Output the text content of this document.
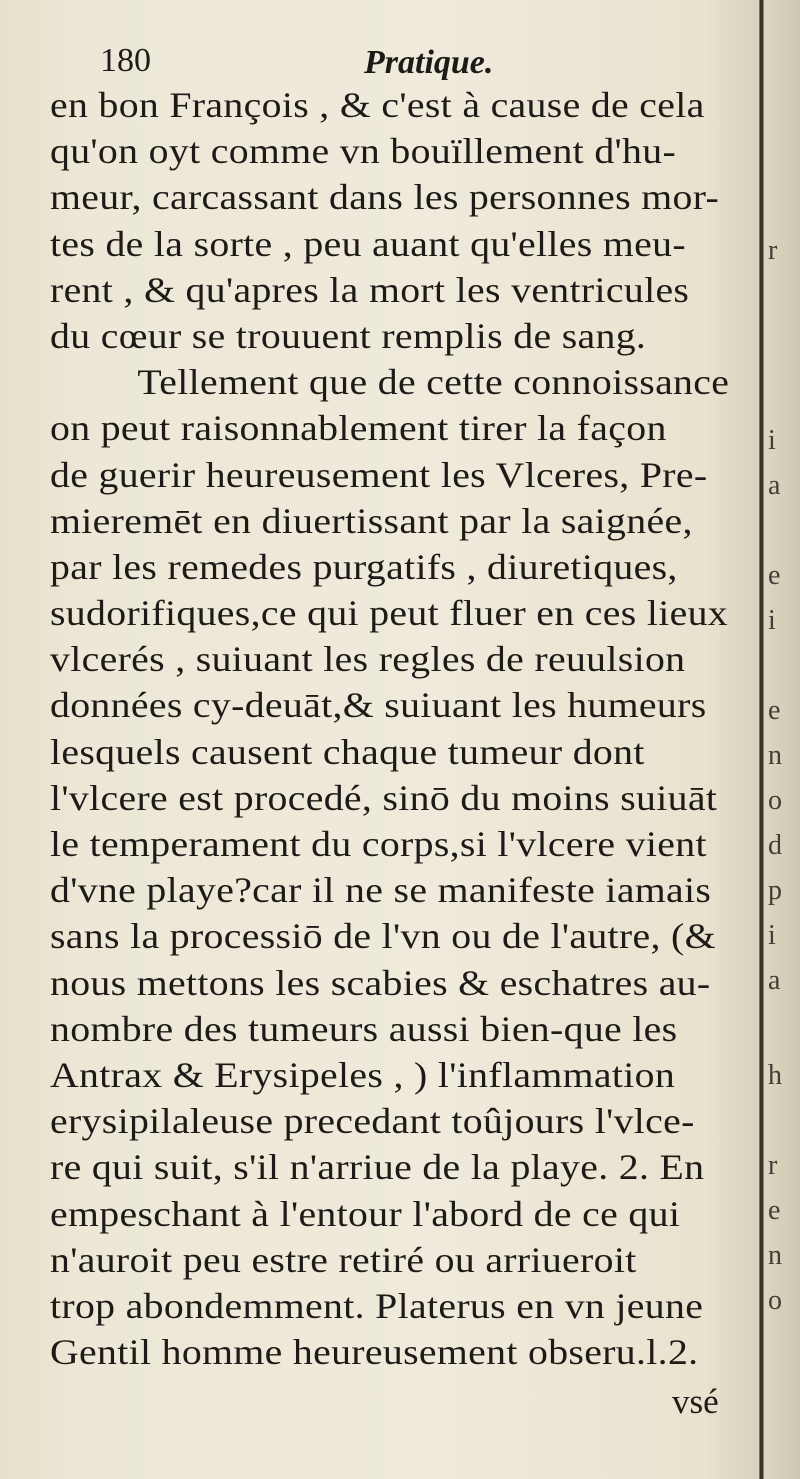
180	Pratique.
en bon François , & c'est à cause de cela
qu'on oyt comme vn bouïllement d'hu-
meur, carcassant dans les personnes mor-
tes de la sorte , peu auant qu'elles meu-
rent , & qu'apres la mort les ventricules
du cœur se trouuent remplis de sang.
Tellement que de cette connoissance
on peut raisonnablement tirer la façon
de guerir heureusement les Vlceres, Pre-
mieremēt en diuertissant par la saignée,
par les remedes purgatifs , diuretiques,
sudorifiques,ce qui peut fluer en ces lieux
vlcerés , suiuant les regles de reuulsion
données cy-deuāt,& suiuant les humeurs
lesquels causent chaque tumeur dont
l'vlcere est procedé, sinō du moins suiuāt
le temperament du corps,si l'vlcere vient
d'vne playe?car il ne se manifeste iamais
sans la processiō de l'vn ou de l'autre, (&
nous mettons les scabies & eschatres au-
nombre des tumeurs aussi bien-que les
Antrax & Erysipeles , ) l'inflammation
erysipilaleuse precedant toûjours l'vlce-
re qui suit, s'il n'arriue de la playe. 2. En
empeschant à l'entour l'abord de ce qui
n'auroit peu estre retiré ou arriueroit
trop abondemment. Platerus en vn jeune
Gentil homme heureusement obseru.l.2.
vsé
r
i
a
e
i
e
n
o
d
p
i
a
h
r
e
n
o
